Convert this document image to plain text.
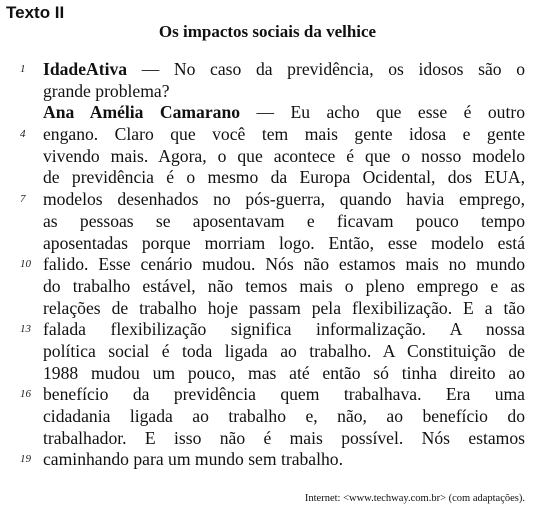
Texto II
Os impactos sociais da velhice
1 IdadeAtiva — No caso da previdência, os idosos são o
grande problema?
Ana Amélia Camarano — Eu acho que esse é outro
4 engano. Claro que você tem mais gente idosa e gente
vivendo mais. Agora, o que acontece é que o nosso modelo
de previdência é o mesmo da Europa Ocidental, dos EUA,
7 modelos desenhados no pós-guerra, quando havia emprego,
as pessoas se aposentavam e ficavam pouco tempo
aposentadas porque morriam logo. Então, esse modelo está
10 falido. Esse cenário mudou. Nós não estamos mais no mundo
do trabalho estável, não temos mais o pleno emprego e as
relações de trabalho hoje passam pela flexibilização. E a tão
13 falada flexibilização significa informalização. A nossa
política social é toda ligada ao trabalho. A Constituição de
1988 mudou um pouco, mas até então só tinha direito ao
16 benefício da previdência quem trabalhava. Era uma
cidadania ligada ao trabalho e, não, ao benefício do
trabalhador. E isso não é mais possível. Nós estamos
19 caminhando para um mundo sem trabalho.
Internet: <www.techway.com.br> (com adaptações).
